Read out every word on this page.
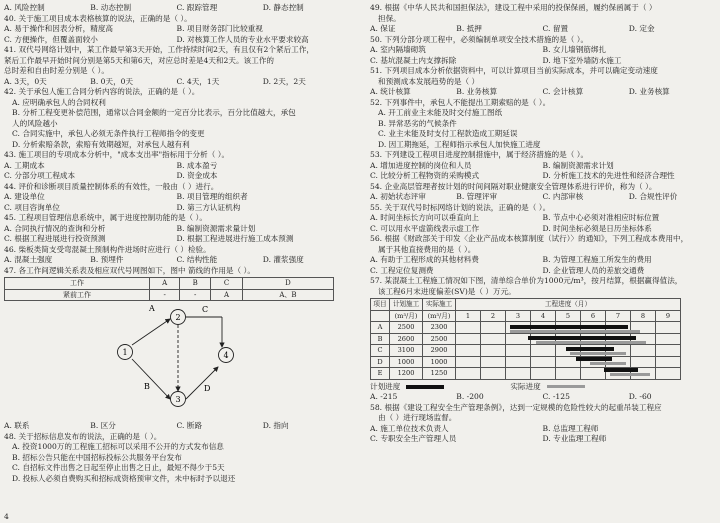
A. 风险控制	B. 动态控制	C. 跟踪管理	D. 静态控制
40. 关于施工项目成本表格核算的说法，正确的是（ ）。
A. 易于操作和因表分析，精度高	B. 项目财务部门比较重视
C. 方便操作，但覆盖面较小	D. 对核算工作人员的专业水平要求较高
41. 双代号网络计划中，某工作最早第3天开始，工作持续时间2天，有且仅有2个紧后工作，
紧后工作最早开始时间分别是第5天和第6天，对应总时差是4天和2天。该工作的
总时差和自由时差分别是（ ）。
A. 3天，0天	B. 0天，0天	C. 4天，1天	D. 2天，2天
42. 关于承包人施工合同分析内容的说法，正确的是（ ）。
A. 应明确承包人的合同权利
B. 分析工程变更补偿范围，通常以合同金额的一定百分比表示，百分比值越大，承包
人的风险越小
C. 合同实施中，承包人必须无条件执行工程师指令的变更
D. 分析索赔条款，索赔有效期越短，对承包人越有利
43. 施工项目的专项成本分析中，"成本支出率"指标用于分析（ ）。
A. 工期成本	B. 成本盈亏
C. 分部分项工程成本	D. 资金成本
44. 评价和诊断项目质量控制体系的有效性，一般由（ ）进行。
A. 建设单位	B. 项目管理的组织者
C. 项目咨询单位	D. 第三方认证机构
45. 工程项目管理信息系统中，属于进度控制功能的是（ ）。
A. 合同执行情况的查询和分析	B. 编制资源需求量计划
C. 根据工程进展进行投资预测	D. 根据工程进展进行施工成本预测
46. 柴板类简支受弯混凝土预制构件进场时应进行（ ）检验。
A. 混凝土强度	B. 预埋件	C. 结构性能	D. 灌浆强度
47. 各工作间逻辑关系表及相应双代号网图如下，图中 箭线的作用是（ ）。
工作	A	B	C	D
紧前工作	-	-	A	A、B
1
2
3
4
A	C
B	D
A. 联系	B. 区分	C. 断路	D. 指向
48. 关于招标信息发布的说法，正确的是（ ）。
A. 投资1000万的工程施工招标可以采用不公开的方式发布信息
B. 招标公告只能在中国招标投标公共服务平台发布
C. 自招标文件出售之日起至停止出售之日止，最短不得少于5天
D. 投标人必须自费购买和招标成资格预审文件，未中标时予以退还
49. 根据《中华人民共和国担保法》，建设工程中采用的投保保函，履约保函属于（ ）
担保。
A. 保证	B. 抵押	C. 留置	D. 定金
50. 下列分部分项工程中，必须编制单项安全技术措施的是（ ）。
A. 室内隔墙砌筑	B. 女儿墙钢筋绑扎
C. 基坑混凝土内支撑拆除	D. 地下室外墙防水施工
51. 下列项目成本分析依据资料中，可以计算项目当前实际成本，并可以确定变动速度
和预测成本发展趋势的是（ ）
A. 统计核算	B. 业务核算	C. 会计核算	D. 业务核算
52. 下列事件中，承包人不能提出工期索赔的是（ ）。
A. 开工前业主未能及时交付施工图纸
B. 异常恶劣的气候条件
C. 业主未能及时支付工程款造成工期延误
D. 因工期拖延，工程师指示承包人加快施工进度
53. 下列建设工程项目进度控制措施中，属于经济措施的是（ ）。
A. 增加进度控制的岗位和人员	B. 编制资源需求计划
C. 比较分析工程物资的采购模式	D. 分析施工技术的先进性和经济合理性
54. 企业高层管理者按计划的时间间隔对职业健康安全管理体系进行评价，称为（ ）。
A. 初始状态评审	B. 管理评审	C. 内部审核	D. 合规性评价
55. 关于双代号时标网络计划的说法，正确的是（ ）。
A. 时间坐标长方向可以垂直向上	B. 节点中心必须对准相应时标位置
C. 可以用水平虚箭线表示虚工作	D. 时间坐标必须是日历坐标体系
56. 根据《财政部关于印发〈企业产品成本核算制度（试行）〉的通知》，下列工程成本费用中，
属于其他直接费用的是（ ）。
A. 有助于工程形成的其他材料费	B. 为管理工程施工所发生的费用
C. 工程定位复测费	D. 企业管理人员的差旅交通费
57. 某混凝土工程施工情况如下图，清单综合单价为1000元/m³，按月结算，根据赢得值法，
该工程6月末进度偏差(SV)是（ ）万元。
项目	计划施工	实际施工	工程进度（月）								
	(m³/月)	(m³/月)	1	2	3	4	5	6	7	8	9
A	2500	2300									
B	2600	2500									
C	3100	2900									
D	1000	1000									
E	1200	1250									
计划进度	实际进度
A. -215	B. -200	C. -125	D. -60
58. 根据《建设工程安全生产管理条例》，达到一定规模的危险性较大的起重吊装工程应
由（ ）进行现场监督。
A. 施工单位技术负责人	B. 总监理工程师
C. 专职安全生产管理人员	D. 专业监理工程师
4
